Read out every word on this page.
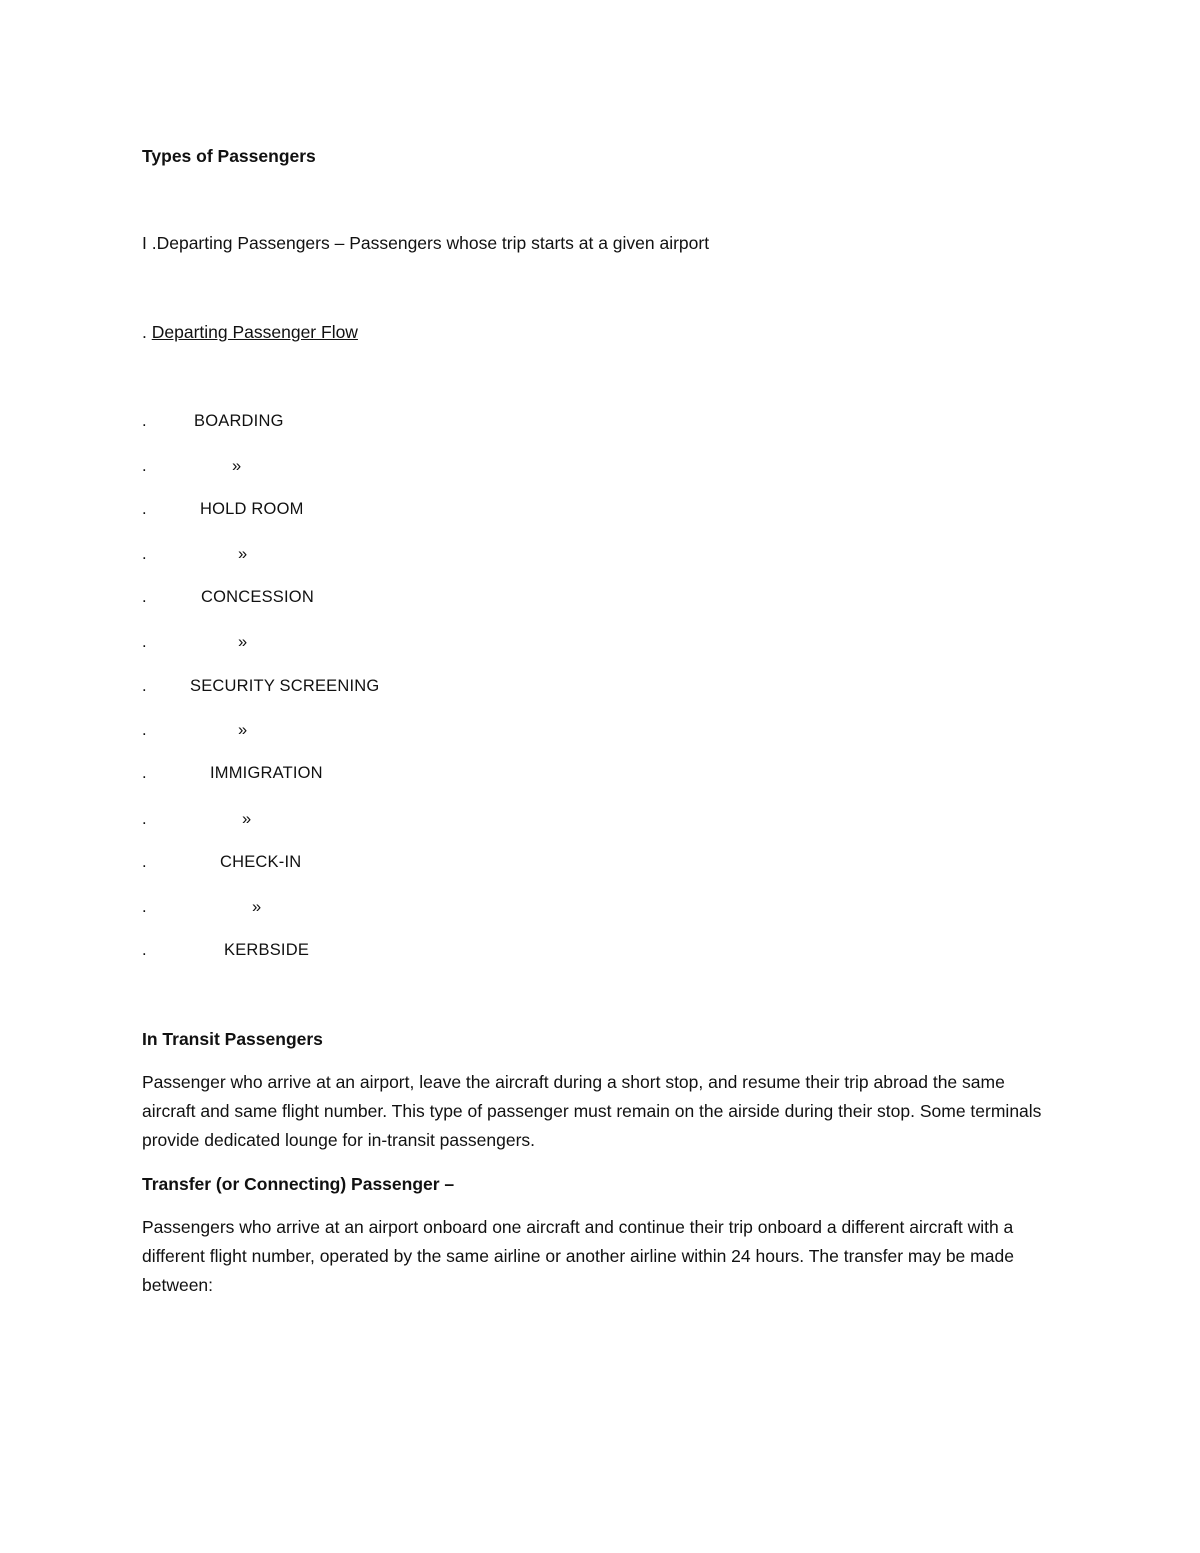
Types of Passengers
I .Departing Passengers – Passengers whose trip starts at a given airport
. Departing Passenger Flow
.	BOARDING
.	»
.	HOLD ROOM
.	»
.	CONCESSION
.	»
.	SECURITY SCREENING
.	»
.	IMMIGRATION
.	»
.	CHECK-IN
.	»
.	KERBSIDE
In Transit Passengers
Passenger who arrive at an airport, leave the aircraft during a short stop, and resume their trip abroad the same aircraft and same flight number. This type of passenger must remain on the airside during their stop. Some terminals provide dedicated lounge for in-transit passengers.
Transfer (or Connecting) Passenger –
Passengers who arrive at an airport onboard one aircraft and continue their trip onboard a different aircraft with a different flight number, operated by the same airline or another airline within 24 hours. The transfer may be made between:
